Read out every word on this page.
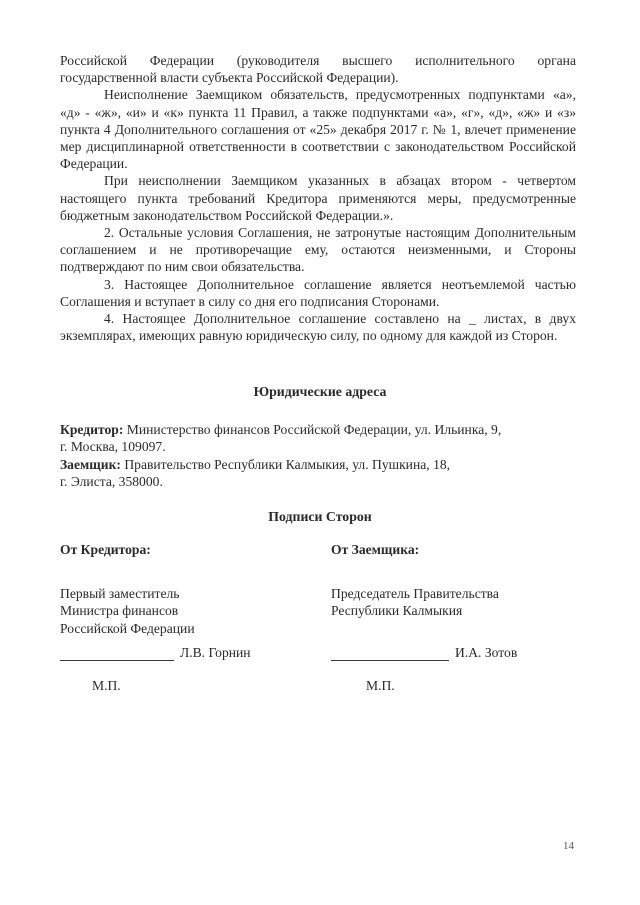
Российской Федерации (руководителя высшего исполнительного органа государственной власти субъекта Российской Федерации).

Неисполнение Заемщиком обязательств, предусмотренных подпунктами «а», «д» - «ж», «и» и «к» пункта 11 Правил, а также подпунктами «а», «г», «д», «ж» и «з» пункта 4 Дополнительного соглашения от «25» декабря 2017 г. № 1, влечет применение мер дисциплинарной ответственности в соответствии с законодательством Российской Федерации.

При неисполнении Заемщиком указанных в абзацах втором - четвертом настоящего пункта требований Кредитора применяются меры, предусмотренные бюджетным законодательством Российской Федерации.».

2. Остальные условия Соглашения, не затронутые настоящим Дополнительным соглашением и не противоречащие ему, остаются неизменными, и Стороны подтверждают по ним свои обязательства.

3. Настоящее Дополнительное соглашение является неотъемлемой частью Соглашения и вступает в силу со дня его подписания Сторонами.

4. Настоящее Дополнительное соглашение составлено на _ листах, в двух экземплярах, имеющих равную юридическую силу, по одному для каждой из Сторон.

Юридические адреса

Кредитор: Министерство финансов Российской Федерации, ул. Ильинка, 9,
г. Москва, 109097.

Заемщик: Правительство Республики Калмыкия, ул. Пушкина, 18,
г. Элиста, 358000.

Подписи Сторон
От Кредитора:
Первый заместитель
Министра финансов
Российской Федерации
От Заемщика:
Председатель Правительства
Республики Калмыкия
Л.В. Горнин	И.А. Зотов
М.П.	М.П.
14
